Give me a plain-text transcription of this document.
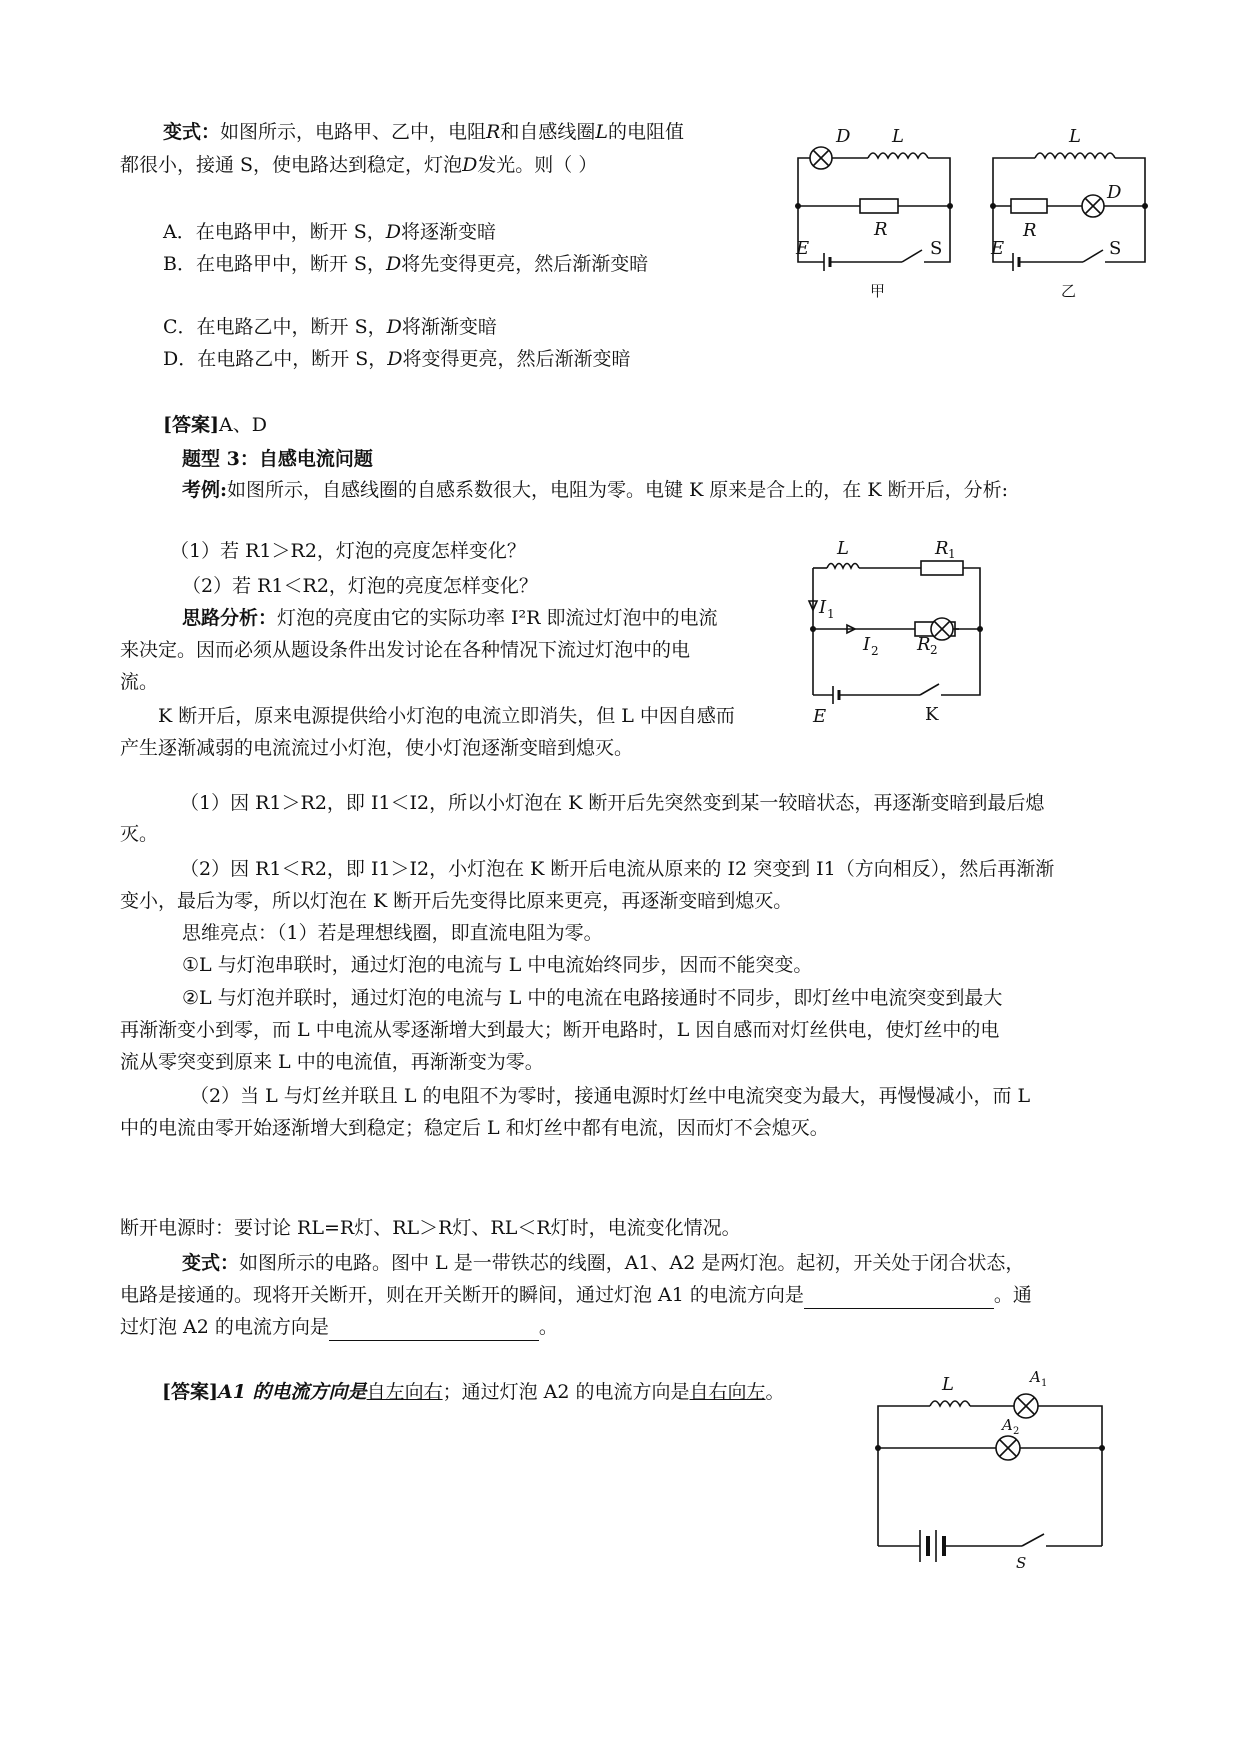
变式：如图所示，电路甲、乙中，电阻R和自感线圈L的电阻值
都很小，接通 S，使电路达到稳定，灯泡D发光。则（ ）
A．在电路甲中，断开 S，D将逐渐变暗
B．在电路甲中，断开 S，D将先变得更亮，然后渐渐变暗
C．在电路乙中，断开 S，D将渐渐变暗
D．在电路乙中，断开 S，D将变得更亮，然后渐渐变暗
[答案]A、D
D L
R
E	S
甲
L
R
D
E	S
乙
题型 3：自感电流问题
考例:如图所示，自感线圈的自感系数很大，电阻为零。电键 K 原来是合上的，在 K 断开后，分析:
（1）若 R1＞R2，灯泡的亮度怎样变化？
（2）若 R1＜R2，灯泡的亮度怎样变化？
思路分析：灯泡的亮度由它的实际功率 I²R 即流过灯泡中的电流
来决定。因而必须从题设条件出发讨论在各种情况下流过灯泡中的电
流。
K 断开后，原来电源提供给小灯泡的电流立即消失，但 L 中因自感而
产生逐渐减弱的电流流过小灯泡，使小灯泡逐渐变暗到熄灭。
L	R 1
I 1
I 2 R 2
E	K
（1）因 R1＞R2，即 I1＜I2，所以小灯泡在 K 断开后先突然变到某一较暗状态，再逐渐变暗到最后熄
灭。
（2）因 R1＜R2，即 I1＞I2，小灯泡在 K 断开后电流从原来的 I2 突变到 I1（方向相反），然后再渐渐
变小，最后为零，所以灯泡在 K 断开后先变得比原来更亮，再逐渐变暗到熄灭。
思维亮点：（1）若是理想线圈，即直流电阻为零。
①L 与灯泡串联时，通过灯泡的电流与 L 中电流始终同步，因而不能突变。
②L 与灯泡并联时，通过灯泡的电流与 L 中的电流在电路接通时不同步，即灯丝中电流突变到最大
再渐渐变小到零，而 L 中电流从零逐渐增大到最大；断开电路时，L 因自感而对灯丝供电，使灯丝中的电
流从零突变到原来 L 中的电流值，再渐渐变为零。
（2）当 L 与灯丝并联且 L 的电阻不为零时，接通电源时灯丝中电流突变为最大，再慢慢减小，而 L
中的电流由零开始逐渐增大到稳定；稳定后 L 和灯丝中都有电流，因而灯不会熄灭。
断开电源时：要讨论 RL=R灯、RL＞R灯、RL＜R灯时，电流变化情况。
变式：如图所示的电路。图中 L 是一带铁芯的线圈，A1、A2 是两灯泡。起初，开关处于闭合状态，
电路是接通的。现将开关断开，则在开关断开的瞬间，通过灯泡 A1 的电流方向是	。通
过灯泡 A2 的电流方向是	。
[答案]A1 的电流方向是自左向右；通过灯泡 A2 的电流方向是自右向左。	L	A 1
A 2
S
